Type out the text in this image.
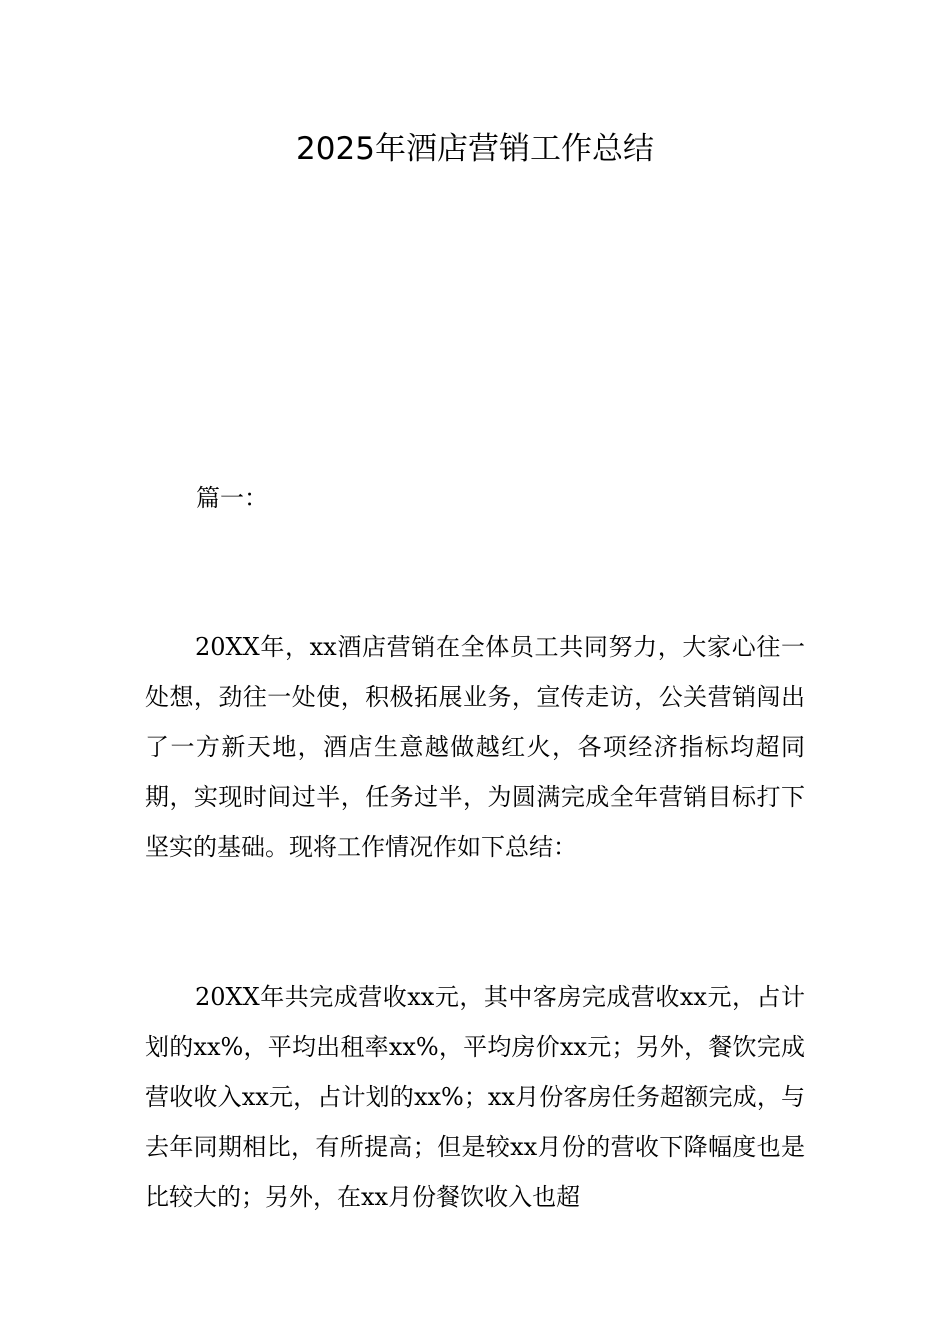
2025年酒店营销工作总结

篇一：

20XX年，xx酒店营销在全体员工共同努力，大家心往一处想，劲往一处使，积极拓展业务，宣传走访，公关营销闯出了一方新天地，酒店生意越做越红火，各项经济指标均超同期，实现时间过半，任务过半，为圆满完成全年营销目标打下坚实的基础。现将工作情况作如下总结：

20XX年共完成营收xx元，其中客房完成营收xx元，占计划的xx%，平均出租率xx%，平均房价xx元；另外，餐饮完成营收收入xx元，占计划的xx%；xx月份客房任务超额完成，与去年同期相比，有所提高；但是较xx月份的营收下降幅度也是比较大的；另外，在xx月份餐饮收入也超
